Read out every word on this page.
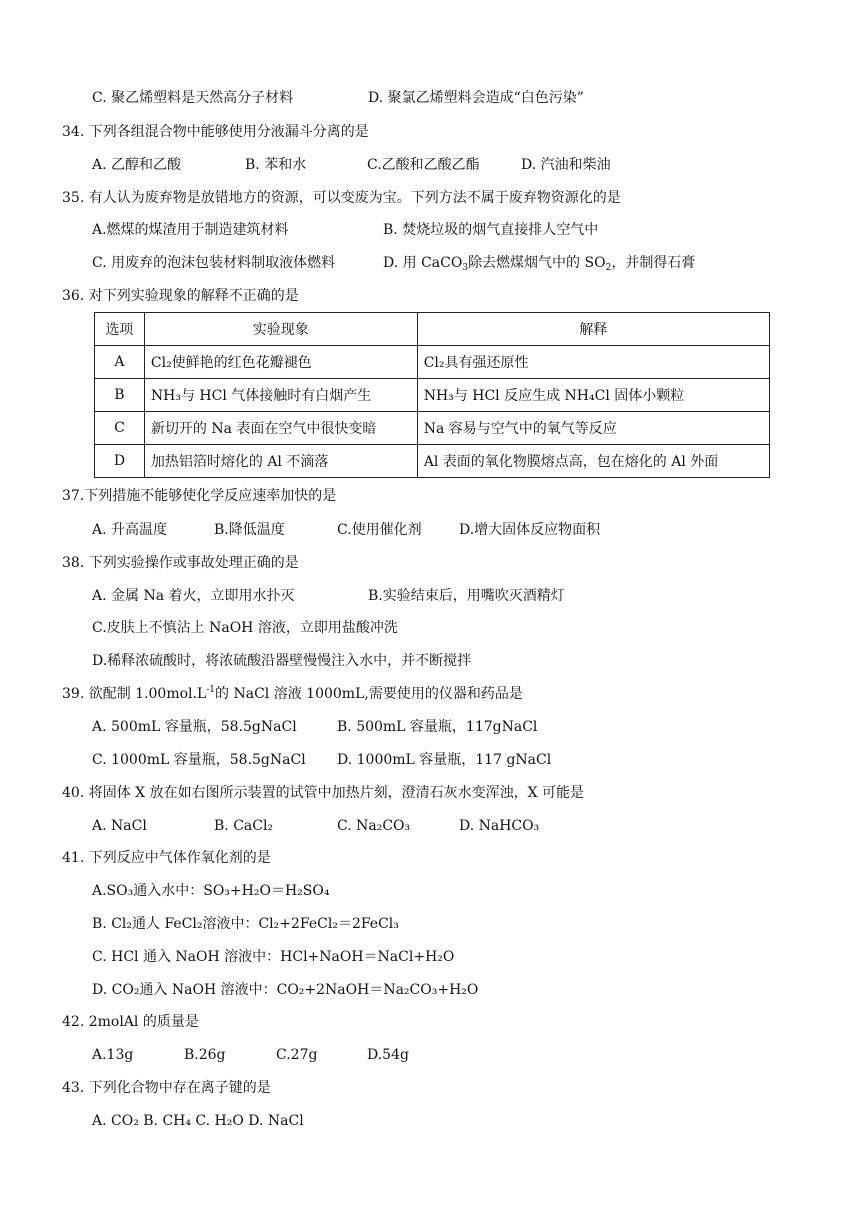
C. 聚乙烯塑料是天然高分子材料	D. 聚氯乙烯塑料会造成“白色污染”
34. 下列各组混合物中能够使用分液漏斗分离的是
A. 乙醇和乙酸	B. 苯和水	C.乙酸和乙酸乙酯	D. 汽油和柴油
35. 有人认为废弃物是放错地方的资源，可以变废为宝。下列方法不属于废弃物资源化的是
A.燃煤的煤渣用于制造建筑材料	B. 焚烧垃圾的烟气直接排人空气中
C. 用废弃的泡沫包装材料制取液体燃料	D. 用 CaCO$_3$除去燃煤烟气中的 $SO_2$，并制得石膏
36. 对下列实验现象的解释不正确的是
选项	实验现象	解释
A	Cl₂使鲜艳的红色花瓣褪色	Cl₂具有强还原性
B	NH₃与 HCl 气体接触时有白烟产生	NH₃与 HCl 反应生成 NH₄Cl 固体小颗粒
C	新切开的 Na 表面在空气中很快变暗	Na 容易与空气中的氧气等反应
D	加热铝箔时熔化的 Al 不滴落	Al 表面的氧化物膜熔点高，包在熔化的 Al 外面
37.下列措施不能够使化学反应速率加快的是
A. 升高温度	B.降低温度	C.使用催化剂	D.增大固体反应物面积
38. 下列实验操作或事故处理正确的是
A. 金属 Na 着火，立即用水扑灭	B.实验结束后，用嘴吹灭酒精灯
C.皮肤上不慎沾上 NaOH 溶液，立即用盐酸冲洗
D.稀释浓硫酸时，将浓硫酸沿器壁慢慢注入水中，并不断搅拌
39. 欲配制 $1.00mol.L^{-1}$的 NaCl 溶液 1000mL,需要使用的仪器和药品是
A. 500mL 容量瓶，58.5gNaCl	B. 500mL 容量瓶，117gNaCl
C. 1000mL 容量瓶，58.5gNaCl D. 1000mL 容量瓶，117 gNaCl
40. 将固体 X 放在如右图所示装置的试管中加热片刻，澄清石灰水变浑浊，X 可能是
A. NaCl	B. CaCl₂	C. Na₂CO₃	D. NaHCO₃
41. 下列反应中气体作氧化剂的是
A.SO₃通入水中：SO₃+H₂O＝H₂SO₄
B. Cl₂通人 FeCl₂溶液中：Cl₂+2FeCl₂＝2FeCl₃
C. HCl 通入 NaOH 溶液中：HCl+NaOH＝NaCl+H₂O
D. CO₂通入 NaOH 溶液中：CO₂+2NaOH＝Na₂CO₃+H₂O
42. 2molAl 的质量是
A.13g	B.26g	C.27g	D.54g
43. 下列化合物中存在离子键的是
A. CO₂ B. CH₄ C. H₂O D. NaCl
